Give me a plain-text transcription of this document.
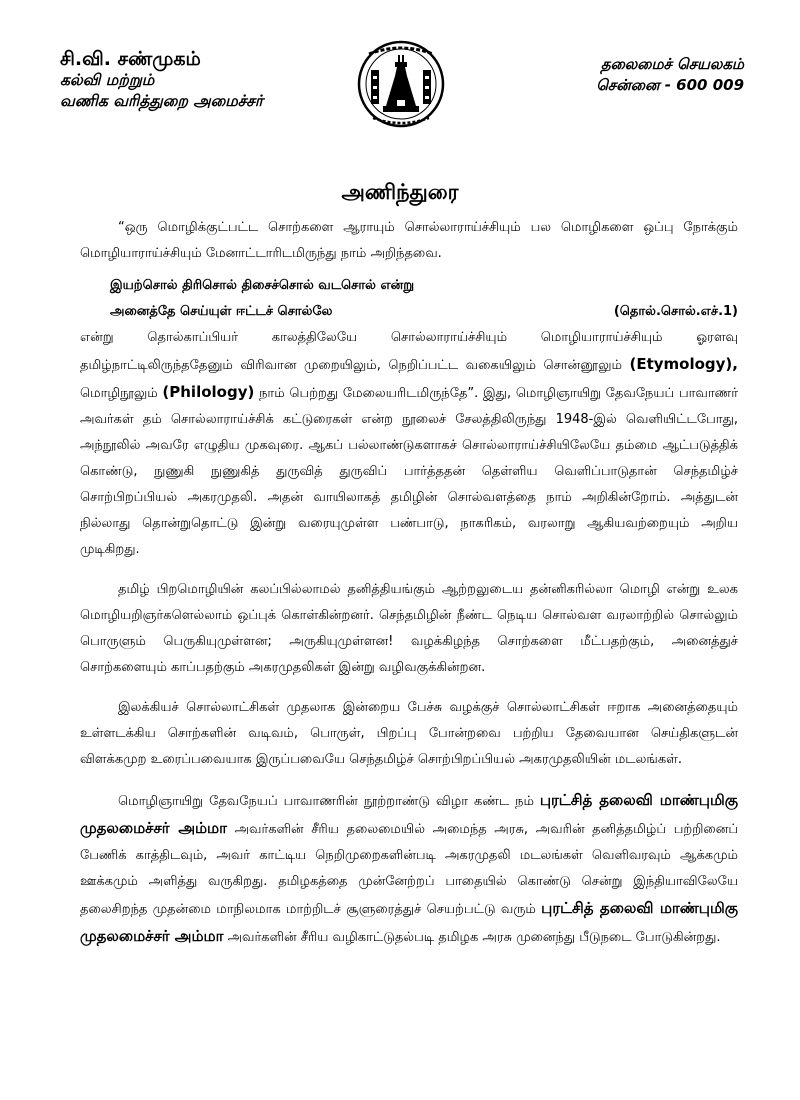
சி.வி. சண்முகம்
கல்வி மற்றும்
வணிக வரித்துறை அமைச்சர்
தலைமைச் செயலகம்
சென்னை - 600 009
அணிந்துரை

“ஒரு மொழிக்குட்பட்ட சொற்களை ஆராயும் சொல்லாராய்ச்சியும் பல மொழிகளை ஒப்பு நோக்கும் மொழியாராய்ச்சியும் மேனாட்டாரிடமிருந்து நாம் அறிந்தவை.

இயற்சொல் திரிசொல் திசைச்சொல் வடசொல் என்று
அனைத்தே செய்யுள் ஈட்டச் சொல்லே	(தொல்.சொல்.எச்.1)

என்று தொல்காப்பியர் காலத்திலேயே சொல்லாராய்ச்சியும் மொழியாராய்ச்சியும் ஓரளவு தமிழ்நாட்டிலிருந்ததேனும் விரிவான முறையிலும், நெறிப்பட்ட வகையிலும் சொன்னூலும் (Etymology), மொழிநூலும் (Philology) நாம் பெற்றது மேலையரிடமிருந்தே”. இது, மொழிஞாயிறு தேவநேயப் பாவாணர் அவர்கள் தம் சொல்லாராய்ச்சிக் கட்டுரைகள் என்ற நூலைச் சேலத்திலிருந்து 1948-இல் வெளியிட்டபோது, அந்நூலில் அவரே எழுதிய முகவுரை. ஆகப் பல்லாண்டுகளாகச் சொல்லாராய்ச்சியிலேயே தம்மை ஆட்படுத்திக் கொண்டு, நுணுகி நுணுகித் துருவித் துருவிப் பார்த்ததன் தெள்ளிய வெளிப்பாடுதான் செந்தமிழ்ச் சொற்பிறப்பியல் அகரமுதலி. அதன் வாயிலாகத் தமிழின் சொல்வளத்தை நாம் அறிகின்றோம். அத்துடன் நில்லாது தொன்றுதொட்டு இன்று வரையுமுள்ள பண்பாடு, நாகரிகம், வரலாறு ஆகியவற்றையும் அறிய முடிகிறது.

தமிழ் பிறமொழியின் கலப்பில்லாமல் தனித்தியங்கும் ஆற்றலுடைய தன்னிகரில்லா மொழி என்று உலக மொழியறிஞர்களெல்லாம் ஒப்புக் கொள்கின்றனர். செந்தமிழின் நீண்ட நெடிய சொல்வள வரலாற்றில் சொல்லும் பொருளும் பெருகியுமுள்ளன; அருகியுமுள்ளன! வழக்கிழந்த சொற்களை மீட்பதற்கும், அனைத்துச் சொற்களையும் காப்பதற்கும் அகரமுதலிகள் இன்று வழிவகுக்கின்றன.

இலக்கியச் சொல்லாட்சிகள் முதலாக இன்றைய பேச்சு வழக்குச் சொல்லாட்சிகள் ஈறாக அனைத்தையும் உள்ளடக்கிய சொற்களின் வடிவம், பொருள், பிறப்பு போன்றவை பற்றிய தேவையான செய்திகளுடன் விளக்கமுற உரைப்பவையாக இருப்பவையே செந்தமிழ்ச் சொற்பிறப்பியல் அகரமுதலியின் மடலங்கள்.

மொழிஞாயிறு தேவநேயப் பாவாணரின் நூற்றாண்டு விழா கண்ட நம் புரட்சித் தலைவி மாண்புமிகு முதலமைச்சர் அம்மா அவர்களின் சீரிய தலைமையில் அமைந்த அரசு, அவரின் தனித்தமிழ்ப் பற்றினைப் பேணிக் காத்திடவும், அவர் காட்டிய நெறிமுறைகளின்படி அகரமுதலி மடலங்கள் வெளிவரவும் ஆக்கமும் ஊக்கமும் அளித்து வருகிறது. தமிழகத்தை முன்னேற்றப் பாதையில் கொண்டு சென்று இந்தியாவிலேயே தலைசிறந்த முதன்மை மாநிலமாக மாற்றிடச் சூளுரைத்துச் செயற்பட்டு வரும் புரட்சித் தலைவி மாண்புமிகு முதலமைச்சர் அம்மா அவர்களின் சீரிய வழிகாட்டுதல்படி தமிழக அரசு முனைந்து பீடுநடை போடுகின்றது.
